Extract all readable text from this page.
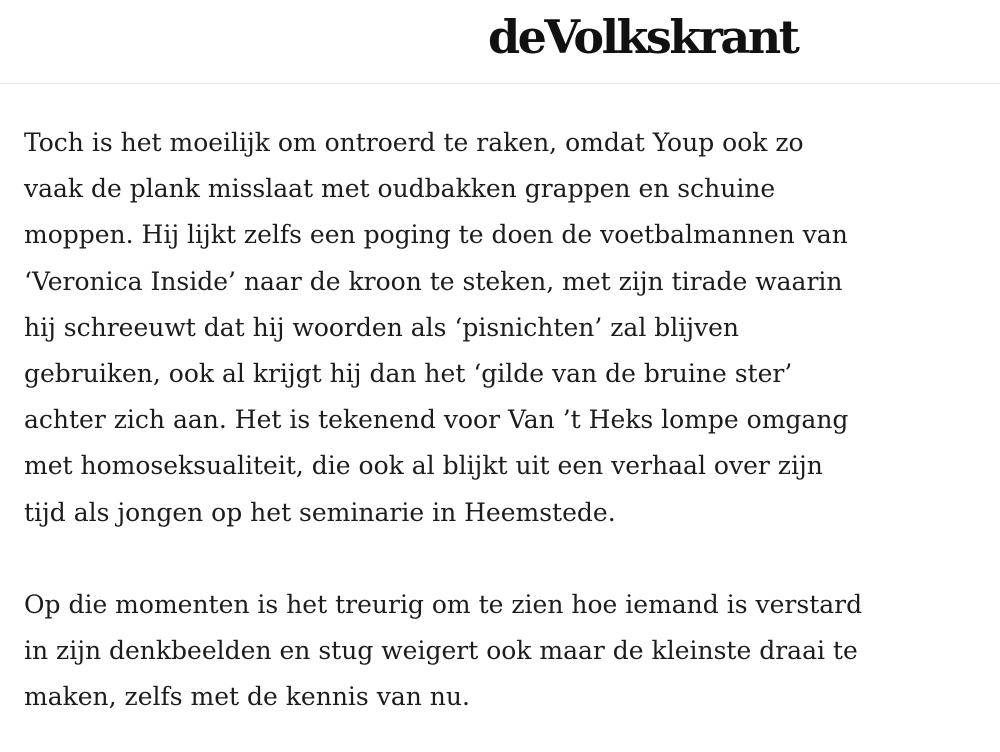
deVolkskrant

Toch is het moeilijk om ontroerd te raken, omdat Youp ook zo
vaak de plank misslaat met oudbakken grappen en schuine
moppen. Hij lijkt zelfs een poging te doen de voetbalmannen van
‘Veronica Inside’ naar de kroon te steken, met zijn tirade waarin
hij schreeuwt dat hij woorden als ‘pisnichten’ zal blijven
gebruiken, ook al krijgt hij dan het ‘gilde van de bruine ster’
achter zich aan. Het is tekenend voor Van ’t Heks lompe omgang
met homoseksualiteit, die ook al blijkt uit een verhaal over zijn
tijd als jongen op het seminarie in Heemstede.

Op die momenten is het treurig om te zien hoe iemand is verstard
in zijn denkbeelden en stug weigert ook maar de kleinste draai te
maken, zelfs met de kennis van nu.
